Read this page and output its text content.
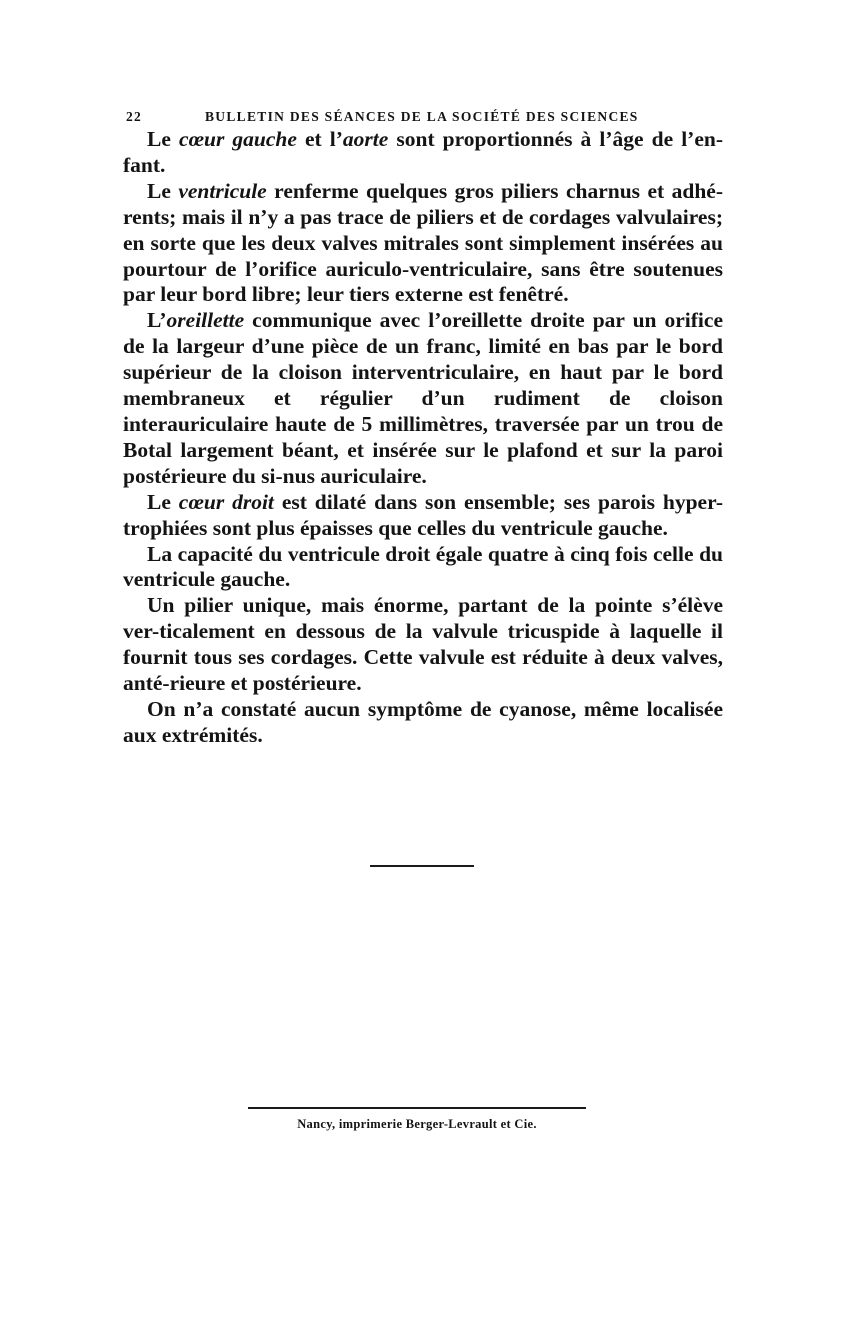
22	BULLETIN DES SÉANCES DE LA SOCIÉTÉ DES SCIENCES

Le cœur gauche et l’aorte sont proportionnés à l’âge de l’en-fant.

Le ventricule renferme quelques gros piliers charnus et adhé-rents; mais il n’y a pas trace de piliers et de cordages valvulaires; en sorte que les deux valves mitrales sont simplement insérées au pourtour de l’orifice auriculo-ventriculaire, sans être soutenues par leur bord libre; leur tiers externe est fenêtré.

L’oreillette communique avec l’oreillette droite par un orifice de la largeur d’une pièce de un franc, limité en bas par le bord supérieur de la cloison interventriculaire, en haut par le bord membraneux et régulier d’un rudiment de cloison interauriculaire haute de 5 millimètres, traversée par un trou de Botal largement béant, et insérée sur le plafond et sur la paroi postérieure du si-nus auriculaire.

Le cœur droit est dilaté dans son ensemble; ses parois hyper-trophiées sont plus épaisses que celles du ventricule gauche.

La capacité du ventricule droit égale quatre à cinq fois celle du ventricule gauche.

Un pilier unique, mais énorme, partant de la pointe s’élève ver-ticalement en dessous de la valvule tricuspide à laquelle il fournit tous ses cordages. Cette valvule est réduite à deux valves, anté-rieure et postérieure.

On n’a constaté aucun symptôme de cyanose, même localisée aux extrémités.

Nancy, imprimerie Berger-Levrault et Cie.
